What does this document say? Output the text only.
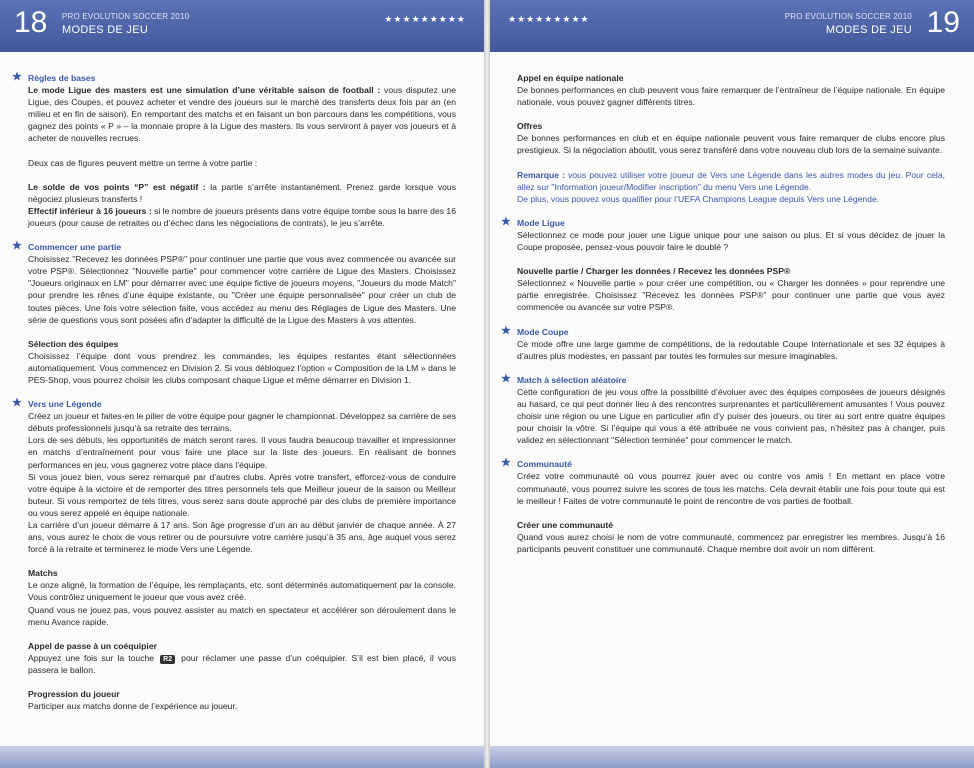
18 PRO EVOLUTION SOCCER 2010
MODES DE JEU
★★★★★★★★★
★ Règles de bases

Le mode Ligue des masters est une simulation d’une véritable saison de football : vous disputez une Ligue, des Coupes, et pouvez acheter et vendre des joueurs sur le marché des transferts deux fois par an (en milieu et en fin de saison). En remportant des matchs et en faisant un bon parcours dans les compétitions, vous gagnez des points « P » – la monnaie propre à la Ligue des masters. Ils vous serviront à payer vos joueurs et à acheter de nouvelles recrues.

Deux cas de figures peuvent mettre un terme à votre partie :

Le solde de vos points “P” est négatif : la partie s’arrête instantanément. Prenez garde lorsque vous négociez plusieurs transferts !

Effectif inférieur à 16 joueurs : si le nombre de joueurs présents dans votre équipe tombe sous la barre des 16 joueurs (pour cause de retraites ou d’échec dans les négociations de contrats), le jeu s’arrête.

★ Commencer une partie

Choisissez "Recevez les données PSP®" pour continuer une partie que vous avez commencée ou avancée sur votre PSP®. Sélectionnez "Nouvelle partie" pour commencer votre carrière de Ligue des Masters. Choisissez "Joueurs originaux en LM" pour démarrer avec une équipe fictive de joueurs moyens, "Joueurs du mode Match" pour prendre les rênes d’une équipe existante, ou "Créer une équipe personnalisée" pour créer un club de toutes pièces. Une fois votre sélection faite, vous accédez au menu des Réglages de Ligue des Masters. Une série de questions vous sont posées afin d’adapter la difficulté de la Ligue des Masters à vos attentes.

Sélection des équipes

Choisissez l’équipe dont vous prendrez les commandes, les équipes restantes étant sélectionnées automatiquement. Vous commencez en Division 2. Si vous débloquez l’option « Composition de la LM » dans le PES-Shop, vous pourrez choisir les clubs composant chaque Ligue et même démarrer en Division 1.

★ Vers une Légende

Créez un joueur et faites-en le pilier de votre équipe pour gagner le championnat. Développez sa carrière de ses débuts professionnels jusqu’à sa retraite des terrains.

Lors de ses débuts, les opportunités de match seront rares. Il vous faudra beaucoup travailler et impressionner en matchs d’entraînement pour vous faire une place sur la liste des joueurs. En réalisant de bonnes performances en jeu, vous gagnerez votre place dans l’équipe.

Si vous jouez bien, vous serez remarqué par d’autres clubs. Après votre transfert, efforcez-vous de conduire votre équipe à la victoire et de remporter des titres personnels tels que Meilleur joueur de la saison ou Meilleur buteur. Si vous remportez de tels titres, vous serez sans doute approché par des clubs de première importance ou vous serez appelé en équipe nationale.

La carrière d’un joueur démarre à 17 ans. Son âge progresse d’un an au début janvier de chaque année. À 27 ans, vous aurez le choix de vous retirer ou de poursuivre votre carrière jusqu’à 35 ans, âge auquel vous serez forcé à la retraite et terminerez le mode Vers une Légende.

Matchs

Le onze aligné, la formation de l’équipe, les remplaçants, etc. sont déterminés automatiquement par la console. Vous contrôlez uniquement le joueur que vous avez créé.

Quand vous ne jouez pas, vous pouvez assister au match en spectateur et accélérer son déroulement dans le menu Avance rapide.

Appel de passe à un coéquipier

Appuyez une fois sur la touche R2 pour réclamer une passe d’un coéquipier. S’il est bien placé, il vous passera le ballon.

Progression du joueur

Participer aux matchs donne de l’expérience au joueur.

★★★★★★★★★	PRO EVOLUTION SOCCER 2010
MODES DE JEU 19
Appel en équipe nationale

De bonnes performances en club peuvent vous faire remarquer de l’entraîneur de l’équipe nationale. En équipe nationale, vous pouvez gagner différents titres.

Offres

De bonnes performances en club et en équipe nationale peuvent vous faire remarquer de clubs encore plus prestigieux. Si la négociation aboutit, vous serez transféré dans votre nouveau club lors de la semaine suivante.

Remarque : vous pouvez utiliser votre joueur de Vers une Légende dans les autres modes du jeu. Pour cela, allez sur "Information joueur/Modifier inscription" du menu Vers une Légende.

De plus, vous pouvez vous qualifier pour l’UEFA Champions League depuis Vers une Légende.

★ Mode Ligue

Sélectionnez ce mode pour jouer une Ligue unique pour une saison ou plus. Et si vous décidez de jouer la Coupe proposée, pensez-vous pouvoir faire le doublé ?

Nouvelle partie / Charger les données / Recevez les données PSP®

Sélectionnez « Nouvelle partie » pour créer une compétition, ou « Charger les données » pour reprendre une partie enregistrée. Choisissez "Recevez les données PSP®" pour continuer une partie que vous avez commencée ou avancée sur votre PSP®.

★ Mode Coupe

Ce mode offre une large gamme de compétitions, de la redoutable Coupe Internationale et ses 32 équipes à d’autres plus modestes, en passant par toutes les formules sur mesure imaginables.

★ Match à sélection aléatoire

Cette configuration de jeu vous offre la possibilité d’évoluer avec des équipes composées de joueurs désignés au hasard, ce qui peut donner lieu à des rencontres surprenantes et particulièrement amusantes ! Vous pouvez choisir une région ou une Ligue en particulier afin d’y puiser des joueurs, ou tirer au sort entre quatre équipes pour choisir la vôtre. Si l’équipe qui vous a été attribuée ne vous convient pas, n’hésitez pas à changer, puis validez en sélectionnant "Sélection terminée" pour commencer le match.

★ Communauté

Créez votre communauté où vous pourrez jouer avec ou contre vos amis ! En mettant en place votre communauté, vous pourrez suivre les scores de tous les matchs. Cela devrait établir une fois pour toute qui est le meilleur ! Faites de votre communauté le point de rencontre de vos parties de football.

Créer une communauté

Quand vous aurez choisi le nom de votre communauté, commencez par enregistrer les membres. Jusqu’à 16 participants peuvent constituer une communauté. Chaque membre doit avoir un nom différent.
